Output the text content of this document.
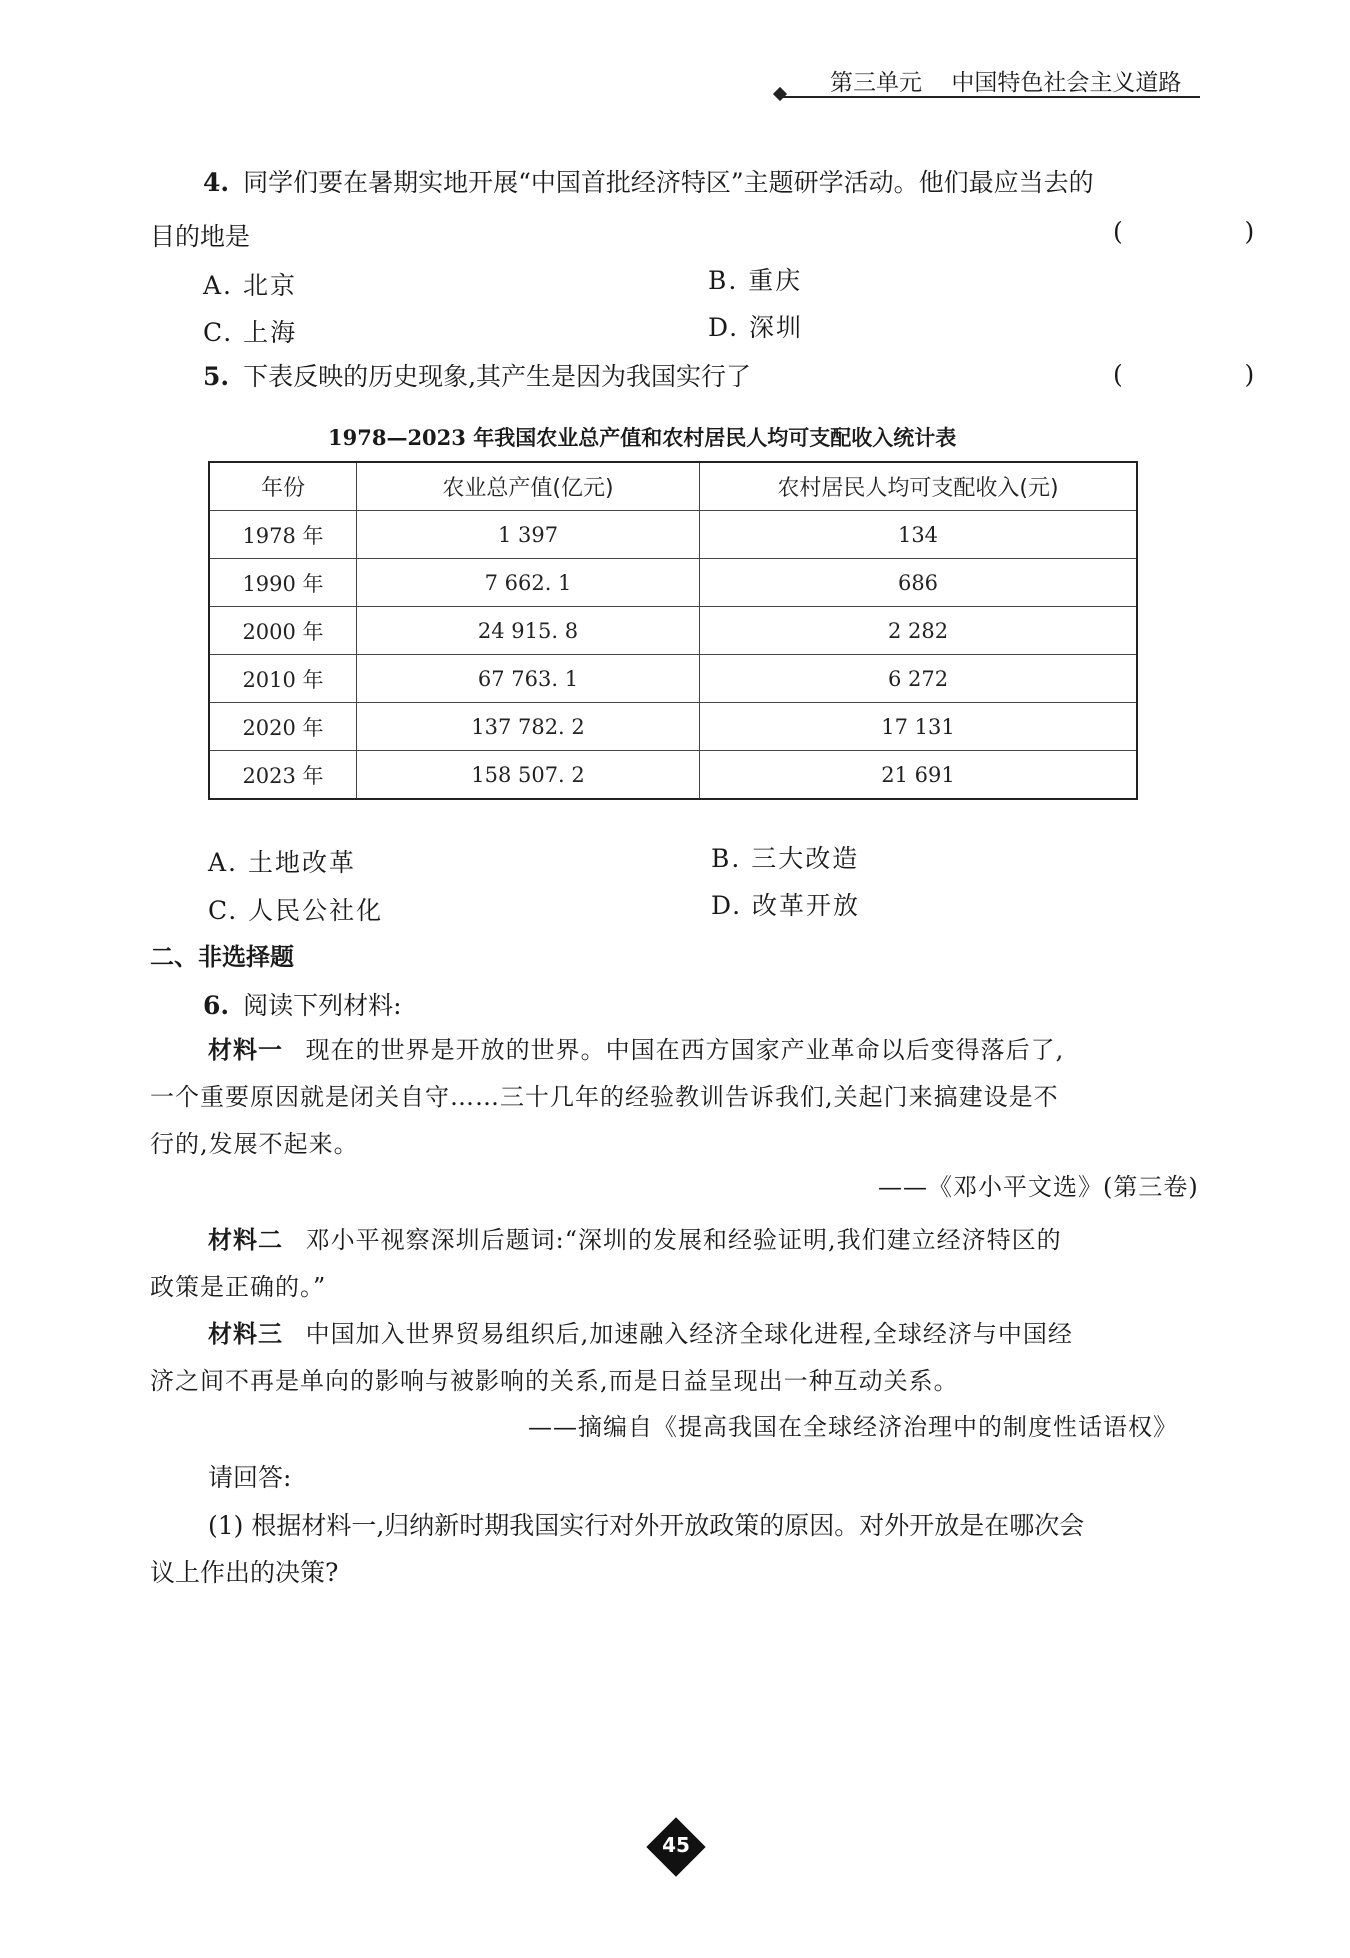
第三单元 中国特色社会主义道路
4. 同学们要在暑期实地开展“中国首批经济特区”主题研学活动。他们最应当去的
目的地是	(    )
A. 北京	B. 重庆
C. 上海	D. 深圳
5. 下表反映的历史现象,其产生是因为我国实行了	(    )
1978—2023 年我国农业总产值和农村居民人均可支配收入统计表
年份	农业总产值(亿元)	农村居民人均可支配收入(元)
1978 年	1 397	134
1990 年	7 662. 1	686
2000 年	24 915. 8	2 282
2010 年	67 763. 1	6 272
2020 年	137 782. 2	17 131
2023 年	158 507. 2	21 691
A. 土地改革	B. 三大改造
C. 人民公社化	D. 改革开放
二、非选择题
6. 阅读下列材料:
材料一 现在的世界是开放的世界。中国在西方国家产业革命以后变得落后了,
一个重要原因就是闭关自守……三十几年的经验教训告诉我们,关起门来搞建设是不
行的,发展不起来。
——《邓小平文选》(第三卷)
材料二 邓小平视察深圳后题词:“深圳的发展和经验证明,我们建立经济特区的
政策是正确的。”
材料三 中国加入世界贸易组织后,加速融入经济全球化进程,全球经济与中国经
济之间不再是单向的影响与被影响的关系,而是日益呈现出一种互动关系。
——摘编自《提高我国在全球经济治理中的制度性话语权》
请回答:
(1) 根据材料一,归纳新时期我国实行对外开放政策的原因。对外开放是在哪次会
议上作出的决策?
45
